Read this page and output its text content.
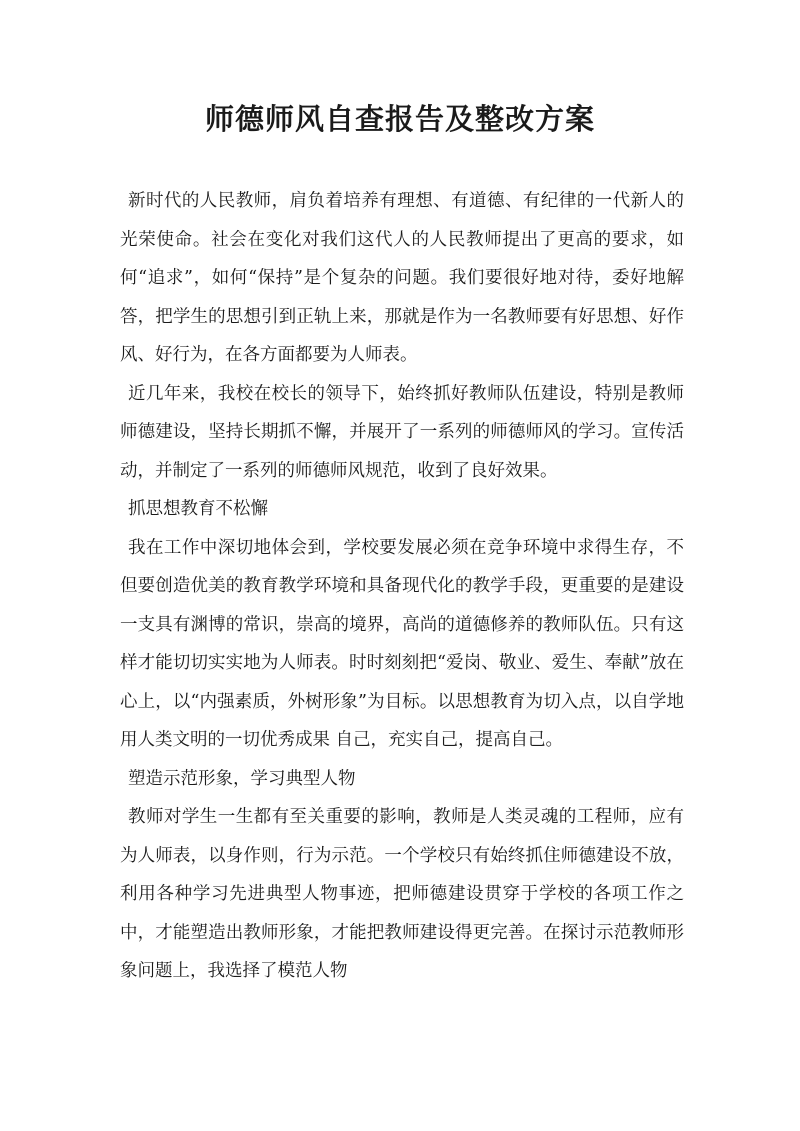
师德师风自查报告及整改方案

新时代的人民教师，肩负着培养有理想、有道德、有纪律的一代新人的光荣使命。社会在变化对我们这代人的人民教师提出了更高的要求，如何“追求”，如何“保持”是个复杂的问题。我们要很好地对待，委好地解答，把学生的思想引到正轨上来，那就是作为一名教师要有好思想、好作风、好行为，在各方面都要为人师表。

近几年来，我校在校长的领导下，始终抓好教师队伍建设，特别是教师师德建设，坚持长期抓不懈，并展开了一系列的师德师风的学习。宣传活动，并制定了一系列的师德师风规范，收到了良好效果。

抓思想教育不松懈

我在工作中深切地体会到，学校要发展必须在竞争环境中求得生存，不但要创造优美的教育教学环境和具备现代化的教学手段，更重要的是建设一支具有渊博的常识，崇高的境界，高尚的道德修养的教师队伍。只有这样才能切切实实地为人师表。时时刻刻把“爱岗、敬业、爱生、奉献”放在心上，以“内强素质，外树形象”为目标。以思想教育为切入点，以自学地用人类文明的一切优秀成果 自己，充实自己，提高自己。

塑造示范形象，学习典型人物

教师对学生一生都有至关重要的影响，教师是人类灵魂的工程师，应有为人师表，以身作则，行为示范。一个学校只有始终抓住师德建设不放，利用各种学习先进典型人物事迹，把师德建设贯穿于学校的各项工作之中，才能塑造出教师形象，才能把教师建设得更完善。在探讨示范教师形象问题上，我选择了模范人物
